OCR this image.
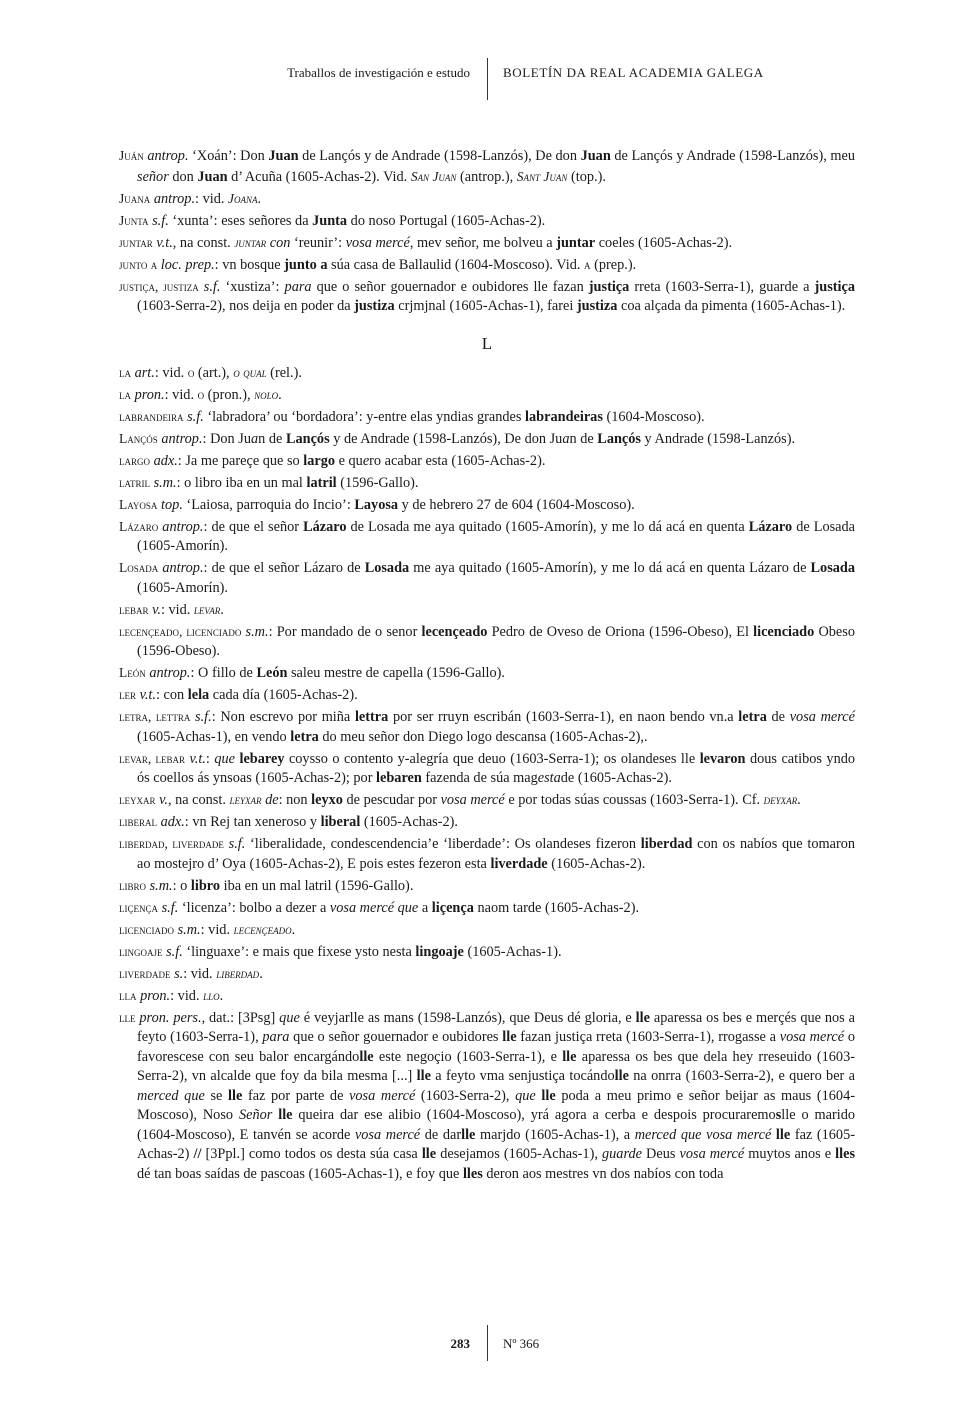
Traballos de investigación e estudo	BOLETÍN DA REAL ACADEMIA GALEGA

Juán antrop. ‘Xoán’: Don Juan de Lançós y de Andrade (1598-Lanzós), De don Juan de Lançós y Andrade (1598-Lanzós), meu señor don Juan d’ Acuña (1605-Achas-2). Vid. San Juan (antrop.), Sant Juan (top.).

Juana antrop.: vid. Joana.

Junta s.f. ‘xunta’: eses señores da Junta do noso Portugal (1605-Achas-2).

juntar v.t., na const. juntar con ‘reunir’: vosa mercé, mev señor, me bolveu a juntar coeles (1605-Achas-2).

junto a loc. prep.: vn bosque junto a súa casa de Ballaulid (1604-Moscoso). Vid. a (prep.).

justiça, justiza s.f. ‘xustiza’: para que o señor gouernador e oubidores lle fazan justiça rreta (1603-Serra-1), guarde a justiça (1603-Serra-2), nos deija en poder da justiza crjmjnal (1605-Achas-1), farei justiza coa alçada da pimenta (1605-Achas-1).

L

la art.: vid. o (art.), o qual (rel.).

la pron.: vid. o (pron.), nolo.

labrandeira s.f. ‘labradora’ ou ‘bordadora’: y-entre elas yndias grandes labrandeiras (1604-Moscoso).

Lançós antrop.: Don Juan de Lançós y de Andrade (1598-Lanzós), De don Juan de Lançós y Andrade (1598-Lanzós).

largo adx.: Ja me pareçe que so largo e quero acabar esta (1605-Achas-2).

latril s.m.: o libro iba en un mal latril (1596-Gallo).

Layosa top. ‘Laiosa, parroquia do Incio’: Layosa y de hebrero 27 de 604 (1604-Moscoso).

Lázaro antrop.: de que el señor Lázaro de Losada me aya quitado (1605-Amorín), y me lo dá acá en quenta Lázaro de Losada (1605-Amorín).

Losada antrop.: de que el señor Lázaro de Losada me aya quitado (1605-Amorín), y me lo dá acá en quenta Lázaro de Losada (1605-Amorín).

lebar v.: vid. levar.

lecençeado, licenciado s.m.: Por mandado de o senor lecençeado Pedro de Oveso de Oriona (1596-Obeso), El licenciado Obeso (1596-Obeso).

León antrop.: O fillo de León saleu mestre de capella (1596-Gallo).

ler v.t.: con lela cada día (1605-Achas-2).

letra, lettra s.f.: Non escrevo por miña lettra por ser rruyn escribán (1603-Serra-1), en naon bendo vn.a letra de vosa mercé (1605-Achas-1), en vendo letra do meu señor don Diego logo descansa (1605-Achas-2),.

levar, lebar v.t.: que lebarey coysso o contento y-alegría que deuo (1603-Serra-1); os olandeses lle levaron dous catibos yndo ós coellos ás ynsoas (1605-Achas-2); por lebaren fazenda de súa magestade (1605-Achas-2).

leyxar v., na const. leyxar de: non leyxo de pescudar por vosa mercé e por todas súas coussas (1603-Serra-1). Cf. deyxar.

liberal adx.: vn Rej tan xeneroso y liberal (1605-Achas-2).

liberdad, liverdade s.f. ‘liberalidade, condescendencia’e ‘liberdade’: Os olandeses fizeron liberdad con os nabíos que tomaron ao mostejro d’ Oya (1605-Achas-2), E pois estes fezeron esta liverdade (1605-Achas-2).

libro s.m.: o libro iba en un mal latril (1596-Gallo).

liçença s.f. ‘licenza’: bolbo a dezer a vosa mercé que a liçença naom tarde (1605-Achas-2).

licenciado s.m.: vid. lecençeado.

lingoaje s.f. ‘linguaxe’: e mais que fixese ysto nesta lingoaje (1605-Achas-1).

liverdade s.: vid. liberdad.

lla pron.: vid. llo.

lle pron. pers., dat.: [3Psg] que é veyjarlle as mans (1598-Lanzós), que Deus dé gloria, e lle aparessa os bes e merçés que nos a feyto (1603-Serra-1), para que o señor gouernador e oubidores lle fazan justiça rreta (1603-Serra-1), rrogasse a vosa mercé o favorescese con seu balor encargándolle este negoçio (1603-Serra-1), e lle aparessa os bes que dela hey rreseuido (1603-Serra-2), vn alcalde que foy da bila mesma [...] lle a feyto vma senjustiça tocándolle na onrra (1603-Serra-2), e quero ber a merced que se lle faz por parte de vosa mercé (1603-Serra-2), que lle poda a meu primo e señor beijar as maus (1604-Moscoso), Noso Señor lle queira dar ese alibio (1604-Moscoso), yrá agora a cerba e despois procuraremoslle o marido (1604-Moscoso), E tanvén se acorde vosa mercé de darlle marjdo (1605-Achas-1), a merced que vosa mercé lle faz (1605-Achas-2) // [3Ppl.] como todos os desta súa casa lle desejamos (1605-Achas-1), guarde Deus vosa mercé muytos anos e lles dé tan boas saídas de pascoas (1605-Achas-1), e foy que lles deron aos mestres vn dos nabíos con toda

283	Nº 366
